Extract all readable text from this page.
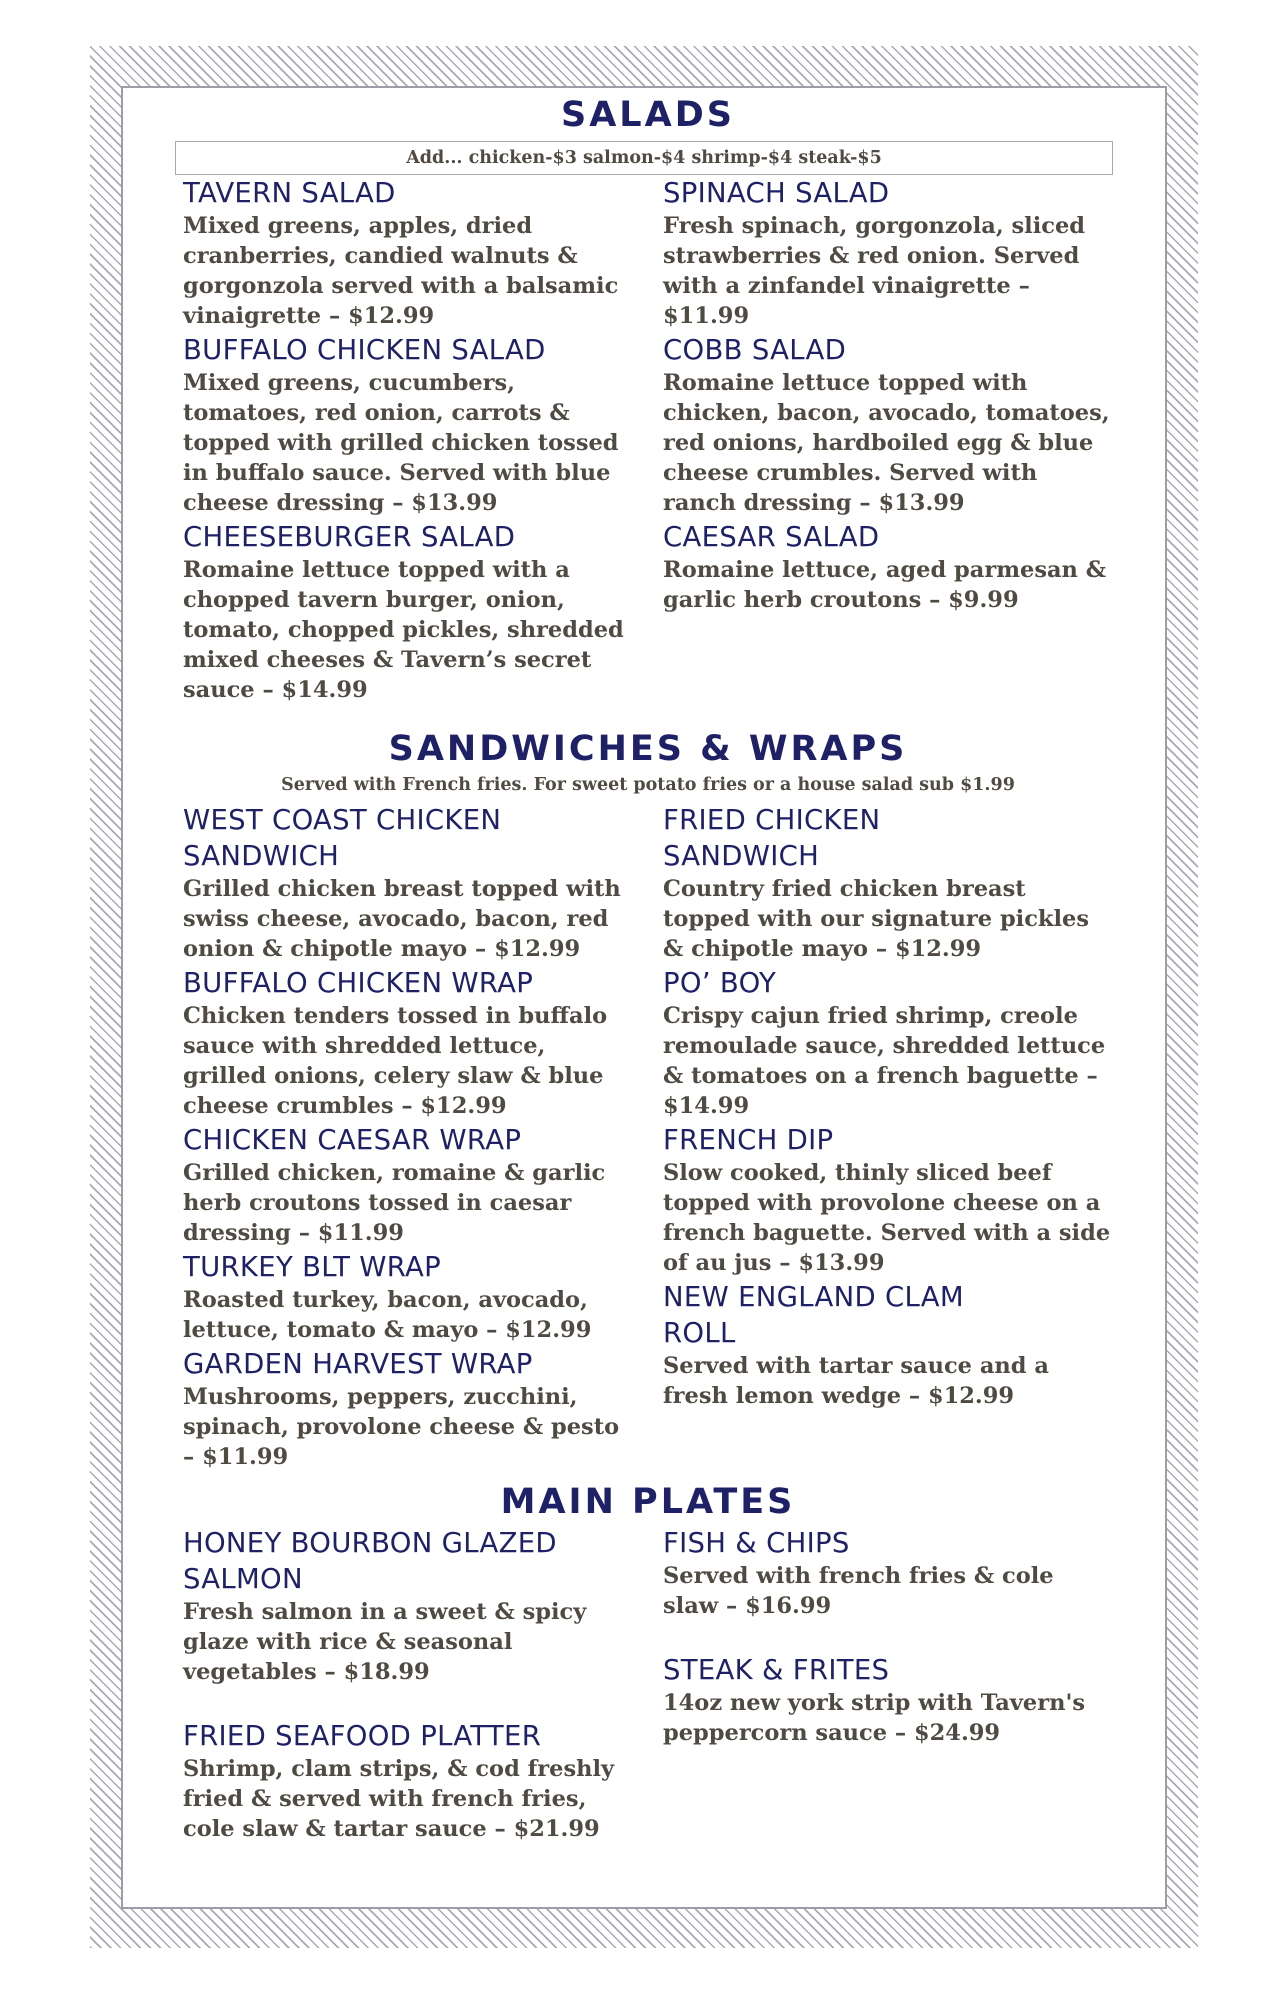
SALADS
Add... chicken-$3 salmon-$4 shrimp-$4 steak-$5
TAVERN SALAD
Mixed greens, apples, dried
cranberries, candied walnuts &
gorgonzola served with a balsamic
vinaigrette – $12.99
BUFFALO CHICKEN SALAD
Mixed greens, cucumbers,
tomatoes, red onion, carrots &
topped with grilled chicken tossed
in buffalo sauce. Served with blue
cheese dressing – $13.99
CHEESEBURGER SALAD
Romaine lettuce topped with a
chopped tavern burger, onion,
tomato, chopped pickles, shredded
mixed cheeses & Tavern’s secret
sauce – $14.99
SPINACH SALAD
Fresh spinach, gorgonzola, sliced
strawberries & red onion. Served
with a zinfandel vinaigrette –
$11.99
COBB SALAD
Romaine lettuce topped with
chicken, bacon, avocado, tomatoes,
red onions, hardboiled egg & blue
cheese crumbles. Served with
ranch dressing – $13.99
CAESAR SALAD
Romaine lettuce, aged parmesan &
garlic herb croutons – $9.99
SANDWICHES & WRAPS
Served with French fries. For sweet potato fries or a house salad sub $1.99
WEST COAST CHICKEN
SANDWICH
Grilled chicken breast topped with
swiss cheese, avocado, bacon, red
onion & chipotle mayo – $12.99
BUFFALO CHICKEN WRAP
Chicken tenders tossed in buffalo
sauce with shredded lettuce,
grilled onions, celery slaw & blue
cheese crumbles – $12.99
CHICKEN CAESAR WRAP
Grilled chicken, romaine & garlic
herb croutons tossed in caesar
dressing – $11.99
TURKEY BLT WRAP
Roasted turkey, bacon, avocado,
lettuce, tomato & mayo – $12.99
GARDEN HARVEST WRAP
Mushrooms, peppers, zucchini,
spinach, provolone cheese & pesto
– $11.99
FRIED CHICKEN
SANDWICH
Country fried chicken breast
topped with our signature pickles
& chipotle mayo – $12.99
PO’ BOY
Crispy cajun fried shrimp, creole
remoulade sauce, shredded lettuce
& tomatoes on a french baguette –
$14.99
FRENCH DIP
Slow cooked, thinly sliced beef
topped with provolone cheese on a
french baguette. Served with a side
of au jus – $13.99
NEW ENGLAND CLAM
ROLL
Served with tartar sauce and a
fresh lemon wedge – $12.99
MAIN PLATES
HONEY BOURBON GLAZED
SALMON
Fresh salmon in a sweet & spicy
glaze with rice & seasonal
vegetables – $18.99
FRIED SEAFOOD PLATTER
Shrimp, clam strips, & cod freshly
fried & served with french fries,
cole slaw & tartar sauce – $21.99
FISH & CHIPS
Served with french fries & cole
slaw – $16.99
STEAK & FRITES
14oz new york strip with Tavern's
peppercorn sauce – $24.99
